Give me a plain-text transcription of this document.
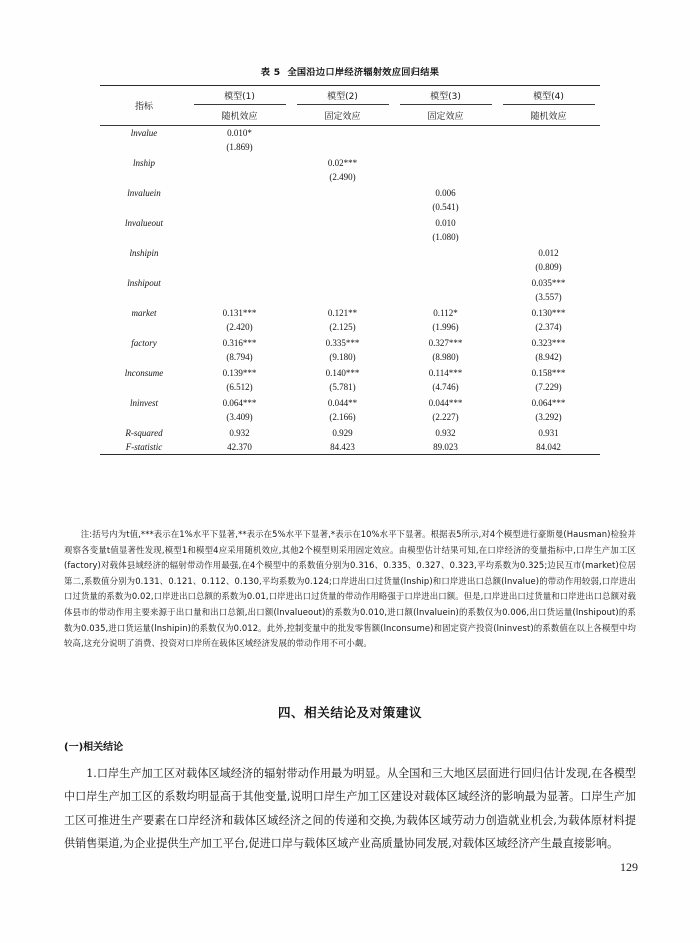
表 5 全国沿边口岸经济辐射效应回归结果
指标	模型(1)	模型(2)	模型(3)	模型(4)
	随机效应	固定效应	固定效应	随机效应
lnvalue	0.010*			
	(1.869)			
lnship		0.02***		
		(2.490)		
lnvaluein			0.006	
			(0.541)	
lnvalueout			0.010	
			(1.080)	
lnshipin				0.012
				(0.809)
lnshipout				0.035***
				(3.557)
market	0.131***	0.121**	0.112*	0.130***
	(2.420)	(2.125)	(1.996)	(2.374)
factory	0.316***	0.335***	0.327***	0.323***
	(8.794)	(9.180)	(8.980)	(8.942)
lnconsume	0.139***	0.140***	0.114***	0.158***
	(6.512)	(5.781)	(4.746)	(7.229)
lninvest	0.064***	0.044**	0.044***	0.064***
	(3.409)	(2.166)	(2.227)	(3.292)
R-squared	0.932	0.929	0.932	0.931
F-statistic	42.370	84.423	89.023	84.042
注:括号内为t值,***表示在1%水平下显著,**表示在5%水平下显著,*表示在10%水平下显著。根据表5所示,对4个模型进行豪斯曼(Hausman)检验并观察各变量t值显著性发现,模型1和模型4应采用随机效应,其他2个模型则采用固定效应。由模型估计结果可知,在口岸经济的变量指标中,口岸生产加工区(factory)对载体县域经济的辐射带动作用最强,在4个模型中的系数值分别为0.316、0.335、0.327、0.323,平均系数为0.325;边民互市(market)位居第二,系数值分别为0.131、0.121、0.112、0.130,平均系数为0.124;口岸进出口过货量(lnship)和口岸进出口总额(lnvalue)的带动作用较弱,口岸进出口过货量的系数为0.02,口岸进出口总额的系数为0.01,口岸进出口过货量的带动作用略强于口岸进出口额。但是,口岸进出口过货量和口岸进出口总额对载体县市的带动作用主要来源于出口量和出口总额,出口额(lnvalueout)的系数为0.010,进口额(lnvaluein)的系数仅为0.006,出口货运量(lnshipout)的系数为0.035,进口货运量(lnshipin)的系数仅为0.012。此外,控制变量中的批发零售额(lnconsume)和固定资产投资(lninvest)的系数值在以上各模型中均较高,这充分说明了消费、投资对口岸所在载体区域经济发展的带动作用不可小觑。
四、相关结论及对策建议
(一)相关结论
1.口岸生产加工区对载体区域经济的辐射带动作用最为明显。从全国和三大地区层面进行回归估计发现,在各模型中口岸生产加工区的系数均明显高于其他变量,说明口岸生产加工区建设对载体区域经济的影响最为显著。口岸生产加工区可推进生产要素在口岸经济和载体区域经济之间的传递和交换,为载体区域劳动力创造就业机会,为载体原材料提供销售渠道,为企业提供生产加工平台,促进口岸与载体区域产业高质量协同发展,对载体区域经济产生最直接影响。
129
